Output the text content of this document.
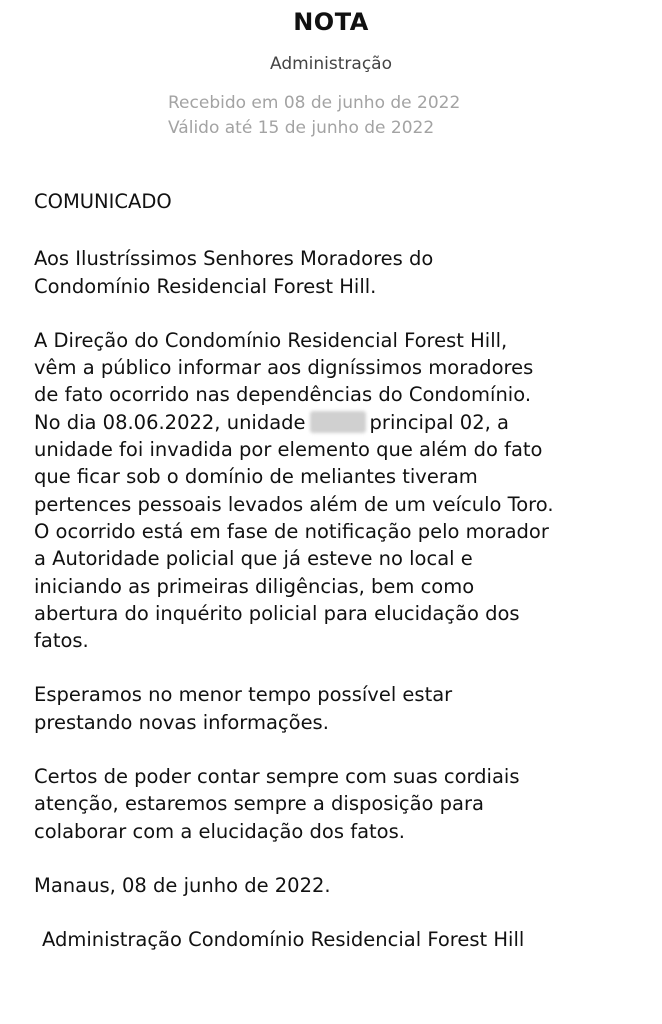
NOTA
Administração
Recebido em 08 de junho de 2022
Válido até 15 de junho de 2022

COMUNICADO

Aos Ilustríssimos Senhores Moradores do

Condomínio Residencial Forest Hill.

A Direção do Condomínio Residencial Forest Hill,

vêm a público informar aos digníssimos moradores

de fato ocorrido nas dependências do Condomínio.

No dia 08.06.2022, unidade	principal 02, a

unidade foi invadida por elemento que além do fato

que ficar sob o domínio de meliantes tiveram

pertences pessoais levados além de um veículo Toro.

O ocorrido está em fase de notificação pelo morador

a Autoridade policial que já esteve no local e

iniciando as primeiras diligências, bem como

abertura do inquérito policial para elucidação dos

fatos.

Esperamos no menor tempo possível estar

prestando novas informações.

Certos de poder contar sempre com suas cordiais

atenção, estaremos sempre a disposição para

colaborar com a elucidação dos fatos.

Manaus, 08 de junho de 2022.

Administração Condomínio Residencial Forest Hill
